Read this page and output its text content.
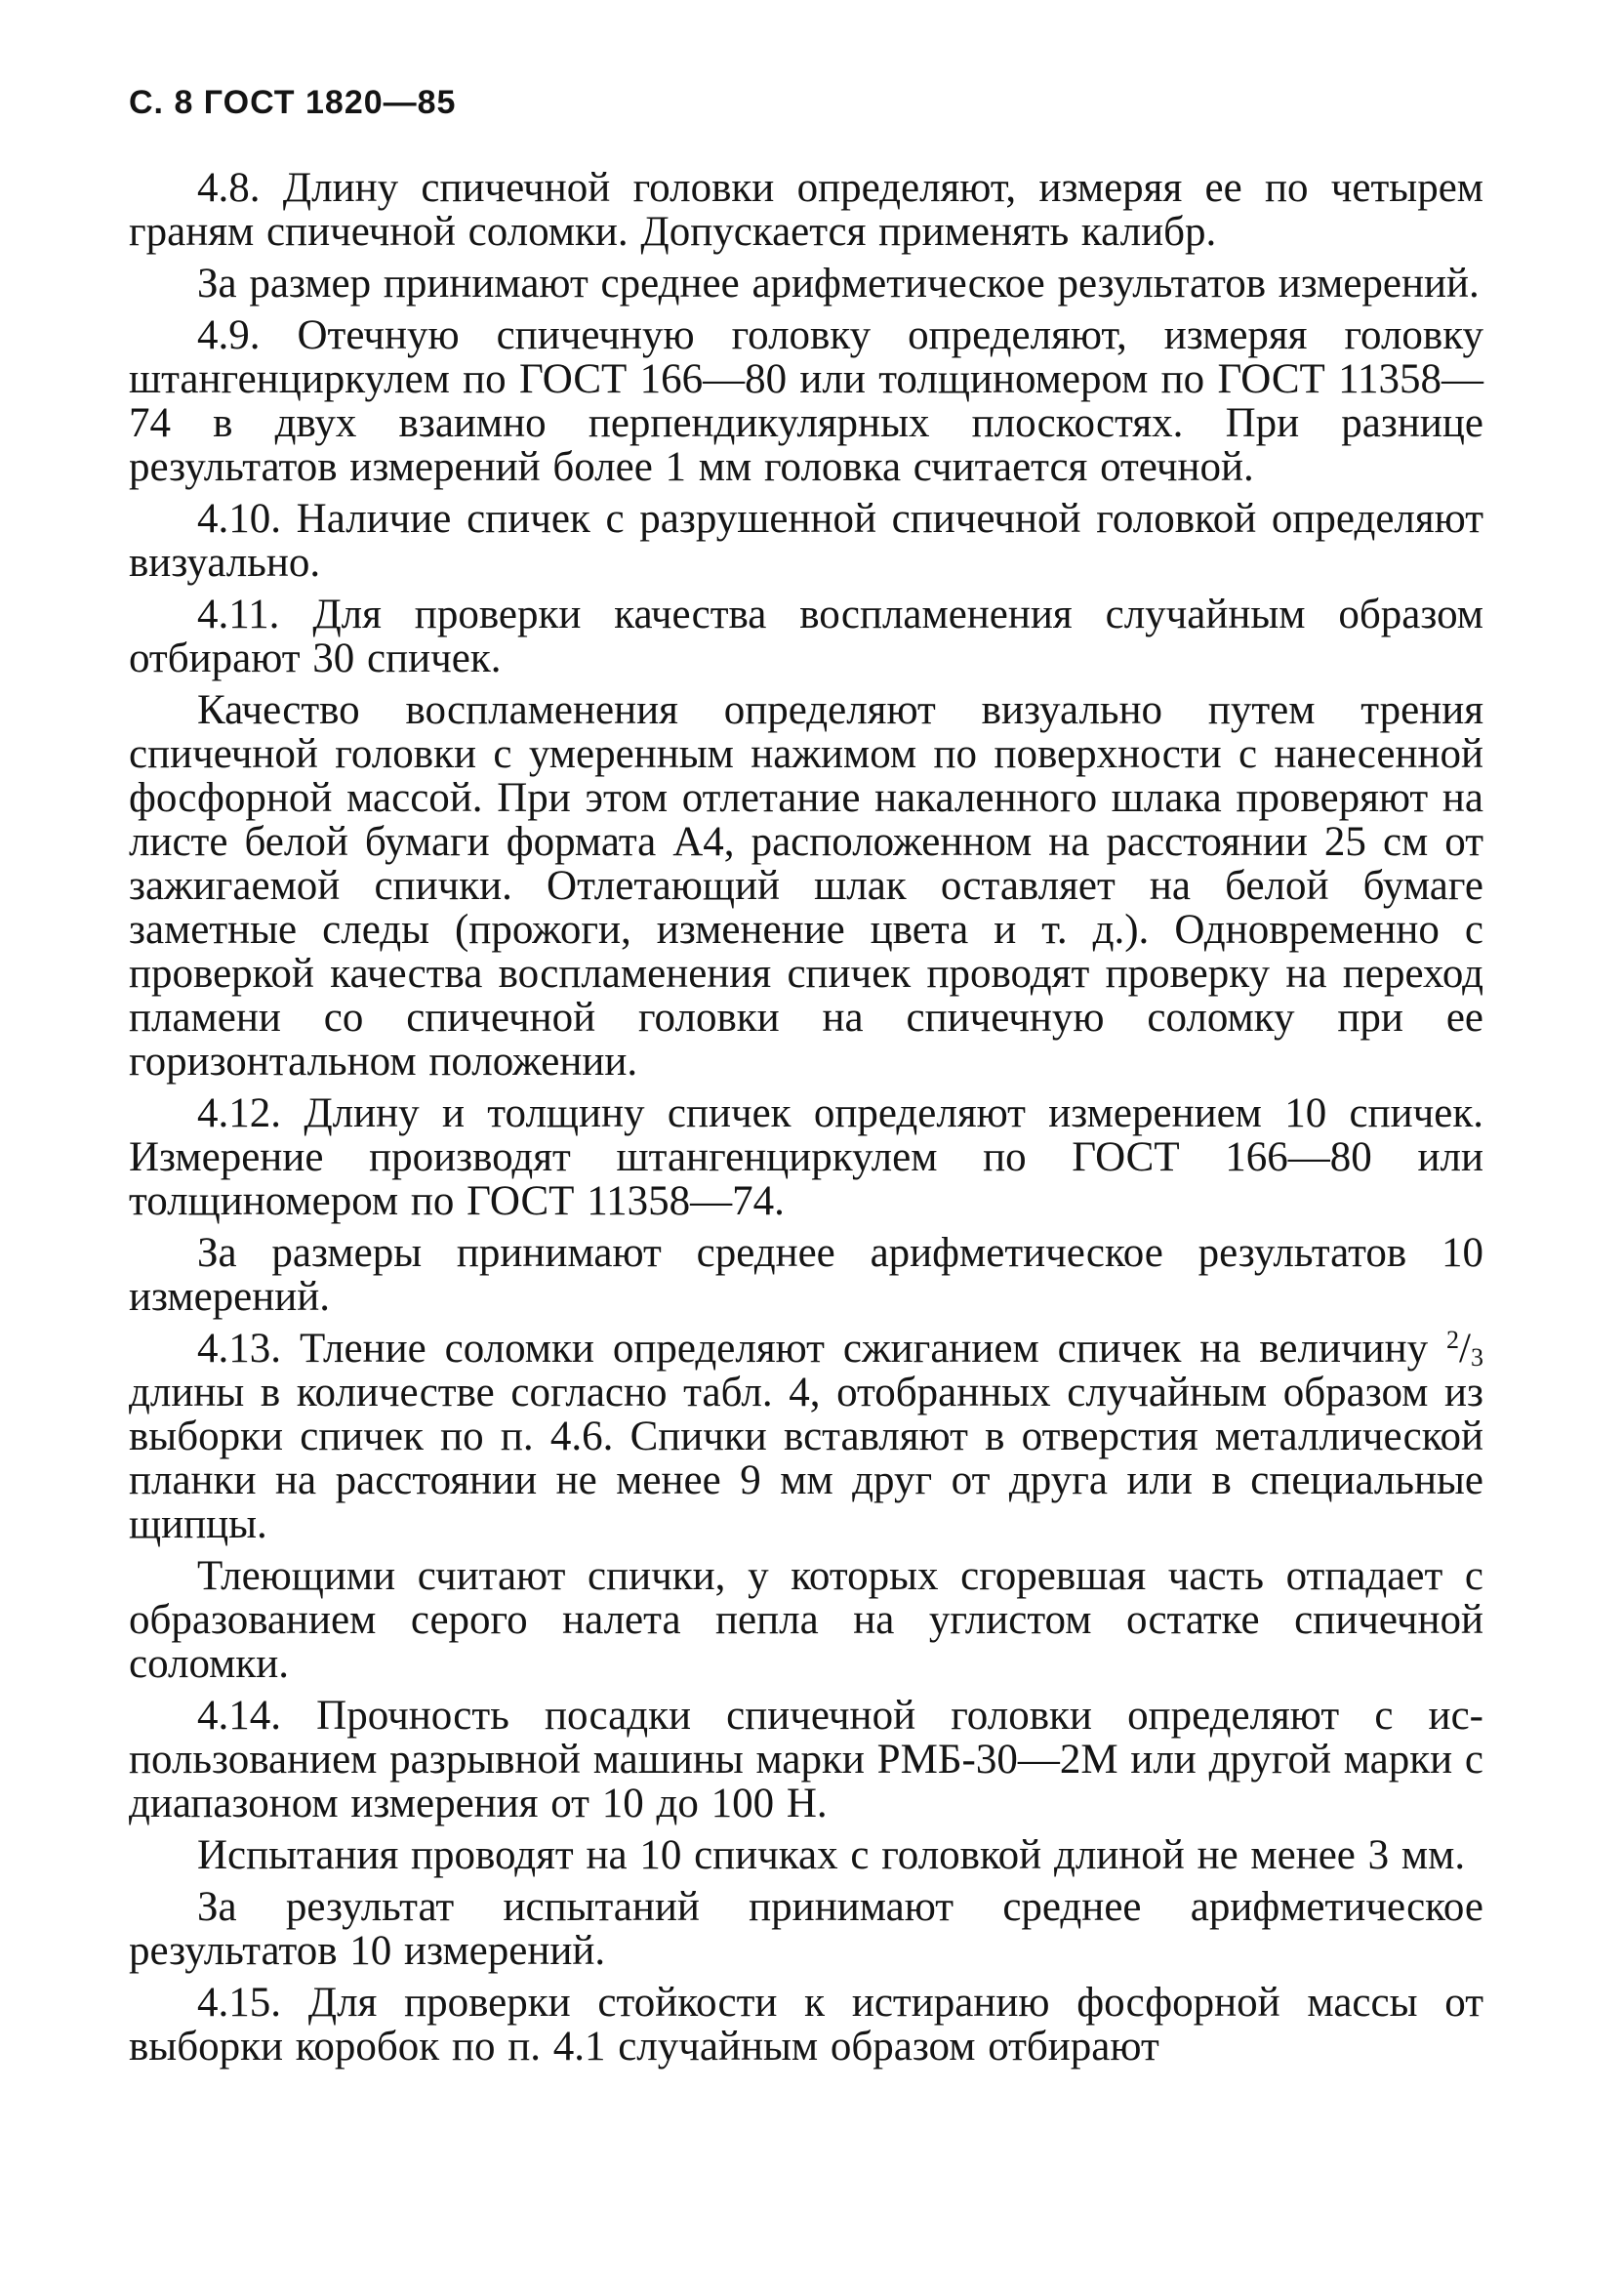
С. 8 ГОСТ 1820—85

4.8. Длину спичечной головки определяют, измеряя ее по четырем граням спичечной соломки. Допускается применять калибр.

За размер принимают среднее арифметическое результатов измерений.

4.9. Отечную спичечную головку определяют, измеряя головку штангенциркулем по ГОСТ 166—80 или толщиномером по ГОСТ 11358—74 в двух взаимно перпендикулярных плоскостях. При разнице результатов измерений более 1 мм головка считается отечной.

4.10. Наличие спичек с разрушенной спичечной головкой определяют визуально.

4.11. Для проверки качества воспламенения случайным образом отбирают 30 спичек.

Качество воспламенения определяют визуально путем трения спичечной головки с умеренным нажимом по поверхности с нанесенной фосфорной массой. При этом отлетание накаленного шлака проверяют на листе белой бумаги формата А4, расположенном на расстоянии 25 см от зажигаемой спички. Отлетающий шлак оставляет на белой бумаге заметные следы (прожоги, изменение цвета и т. д.). Одновременно с проверкой качества воспламенения спичек проводят проверку на переход пламени со спичечной головки на спичечную соломку при ее горизонтальном положении.

4.12. Длину и толщину спичек определяют измерением 10 спичек. Измерение производят штангенциркулем по ГОСТ 166—80 или толщиномером по ГОСТ 11358—74.

За размеры принимают среднее арифметическое результатов 10 измерений.

4.13. Тление соломки определяют сжиганием спичек на величину $^2/_3$ длины в количестве согласно табл. 4, отобранных случайным образом из выборки спичек по п. 4.6. Спички вставляют в отверстия металлической планки на расстоянии не менее 9 мм друг от друга или в специальные щипцы.

Тлеющими считают спички, у которых сгоревшая часть отпадает с образованием серого налета пепла на углистом остатке спичечной соломки.

4.14. Прочность посадки спичечной головки определяют с использованием разрывной машины марки РМБ-30—2М или другой марки с диапазоном измерения от 10 до 100 Н.

Испытания проводят на 10 спичках с головкой длиной не менее 3 мм.

За результат испытаний принимают среднее арифметическое результатов 10 измерений.

4.15. Для проверки стойкости к истиранию фосфорной массы от выборки коробок по п. 4.1 случайным образом отбирают
